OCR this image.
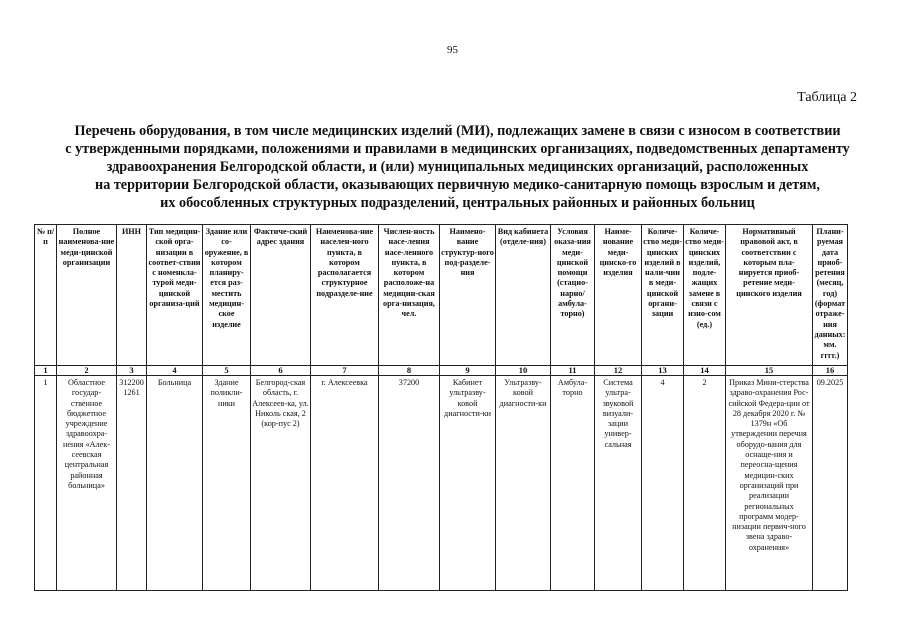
95
Таблица 2
Перечень оборудования, в том числе медицинских изделий (МИ), подлежащих замене в связи с износом в соответствии
с утвержденными порядками, положениями и правилами в медицинских организациях, подведомственных департаменту
здравоохранения Белгородской области, и (или) муниципальных медицинских организаций, расположенных
на территории Белгородской области, оказывающих первичную медико-санитарную помощь взрослым и детям,
их обособленных структурных подразделений, центральных районных и районных больниц
№ п/п	Полное наименова-ние меди-цинской организации	ИНН	Тип медицин-ской орга-низации в соответ-ствии с номенкла-турой меди-цинской организа-ций	Здание или со-оружение, в котором планиру-ется раз-местить медицин-ское изделие	Фактиче-ский адрес здания	Наименова-ние населен-ного пункта, в котором располагается структурное подразделе-ние	Числен-ность насе-ления насе-ленного пункта, в котором расположе-на медицин-ская орга-низация, чел.	Наимено-вание структур-ного под-разделе-ния	Вид кабинета (отделе-ния)	Условия оказа-ния меди-цинской помощи (стацио-нарно/ амбула-торно)	Наиме-нование меди-цинско-го изделия	Количе-ство меди-цинских изделий в нали-чии в меди-цинской органи-зации	Количе-ство меди-цинских изделий, подле-жащих замене в связи с изно-сом (ед.)	Нормативный правовой акт, в соответствии с которым пла-нируется приоб-ретение меди-цинского изделия	Плани-руемая дата приоб-ретения (месяц, год) (формат отраже-ния данных: мм. гггг.)
1	2	3	4	5	6	7	8	9	10	11	12	13	14	15	16
1	Областное государ-ственное бюджетное учреждение здравоохра-нения «Алек-сеевская центральная районная больница»	312200 1261	Больница	Здание поликли-ники	Белгород-ская область, г. Алексеев-ка, ул. Николь ская, 2 (кор-пус 2)	г. Алексеевка	37200	Кабинет ультразву-ковой диагности-ки	Ультразву-ковой диагности-ки	Амбула-торно	Система ультра-звуковой визуали-зации универ-сальная	4	2	Приказ Мини-стерства здраво-охранения Рос-сийской Федера-ции от 28 декабря 2020 г. № 1379н «Об утверждении перечня оборудо-вания для оснаще-ния и переосна-щения медицин-ских организаций при реализации региональных программ модер-низации первич-ного звена здраво-охранения»	09.2025
